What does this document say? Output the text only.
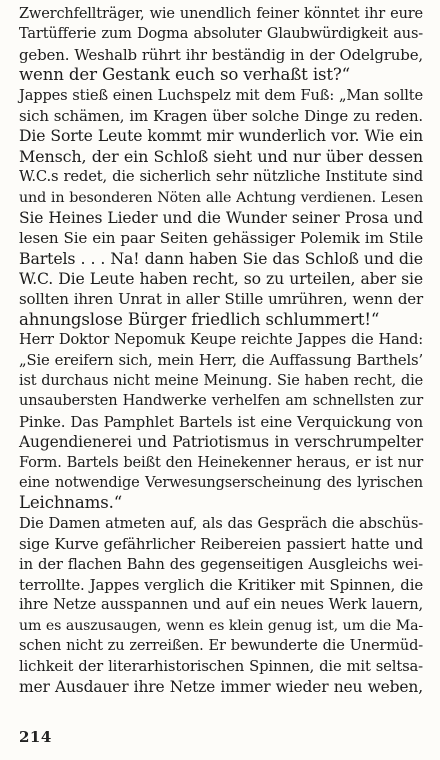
Zwerchfellträger, wie unendlich feiner könntet ihr eure
Tartüfferie zum Dogma absoluter Glaubwürdigkeit aus-
geben. Weshalb rührt ihr beständig in der Odelgrube,
wenn der Gestank euch so verhaßt ist?“
Jappes stieß einen Luchspelz mit dem Fuß: „Man sollte
sich schämen, im Kragen über solche Dinge zu reden.
Die Sorte Leute kommt mir wunderlich vor. Wie ein
Mensch, der ein Schloß sieht und nur über dessen
W.C.s redet, die sicherlich sehr nützliche Institute sind
und in besonderen Nöten alle Achtung verdienen. Lesen
Sie Heines Lieder und die Wunder seiner Prosa und
lesen Sie ein paar Seiten gehässiger Polemik im Stile
Bartels . . . Na! dann haben Sie das Schloß und die
W.C. Die Leute haben recht, so zu urteilen, aber sie
sollten ihren Unrat in aller Stille umrühren, wenn der
ahnungslose Bürger friedlich schlummert!“
Herr Doktor Nepomuk Keupe reichte Jappes die Hand:
„Sie ereifern sich, mein Herr, die Auffassung Barthels’
ist durchaus nicht meine Meinung. Sie haben recht, die
unsaubersten Handwerke verhelfen am schnellsten zur
Pinke. Das Pamphlet Bartels ist eine Verquickung von
Augendienerei und Patriotismus in verschrumpelter
Form. Bartels beißt den Heinekenner heraus, er ist nur
eine notwendige Verwesungserscheinung des lyrischen
Leichnams.“
Die Damen atmeten auf, als das Gespräch die abschüs-
sige Kurve gefährlicher Reibereien passiert hatte und
in der flachen Bahn des gegenseitigen Ausgleichs wei-
terrollte. Jappes verglich die Kritiker mit Spinnen, die
ihre Netze ausspannen und auf ein neues Werk lauern,
um es auszusaugen, wenn es klein genug ist, um die Ma-
schen nicht zu zerreißen. Er bewunderte die Unermüd-
lichkeit der literarhistorischen Spinnen, die mit seltsa-
mer Ausdauer ihre Netze immer wieder neu weben,
214
